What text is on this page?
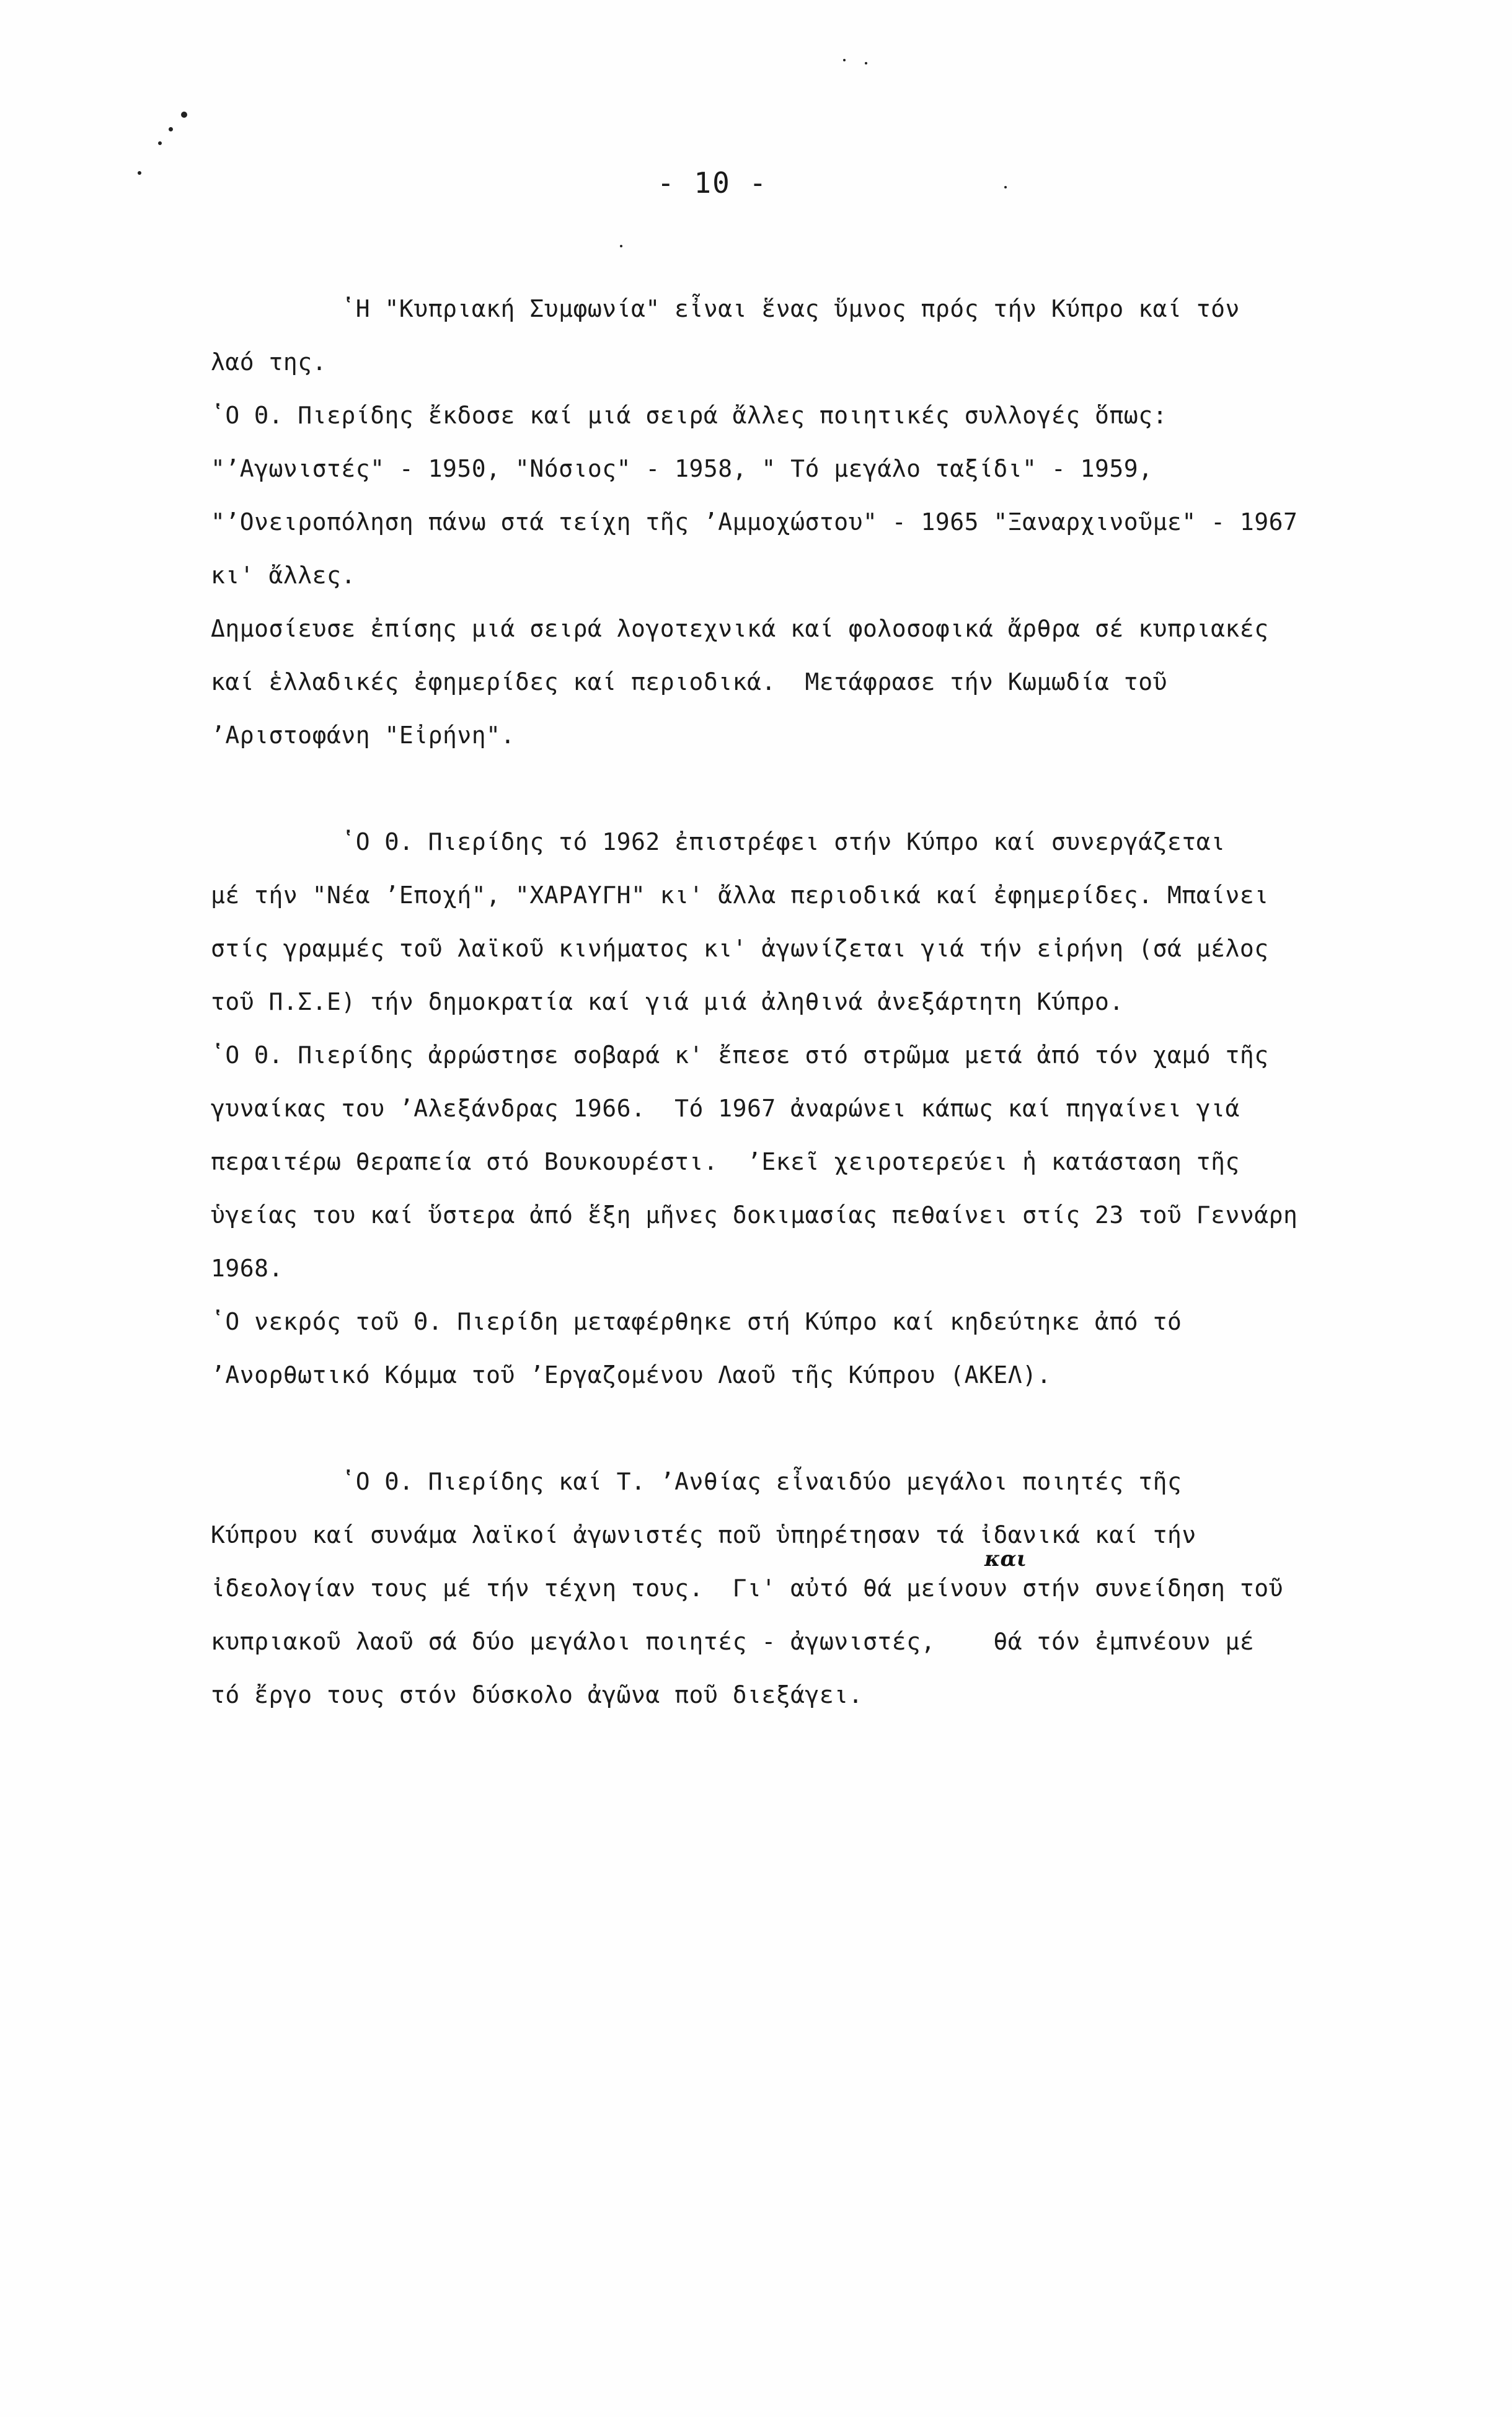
- 10 -
ʽΗ "Κυπριακή Συμφωνία" εἶναι ἕνας ὕμνος πρός τήν Κύπρο καί τόν
λαό της.
ʽΟ Θ. Πιερίδης ἔκδοσε καί μιά σειρά ἄλλες ποιητικές συλλογές ὅπως:
"ʼΑγωνιστές" - 1950, "Νόσιος" - 1958, " Τό μεγάλο ταξίδι" - 1959,
"ʼΟνειροπόληση πάνω στά τείχη τῆς ʼΑμμοχώστου" - 1965 "Ξαναρχινοῦμε" - 1967
κι' ἄλλες.
Δημοσίευσε ἐπίσης μιά σειρά λογοτεχνικά καί φολοσοφικά ἄρθρα σέ κυπριακές
καί ἑλλαδικές ἐφημερίδες καί περιοδικά.  Μετάφρασε τήν Κωμωδία τοῦ
ʼΑριστοφάνη "Εἰρήνη".
ʽΟ Θ. Πιερίδης τό 1962 ἐπιστρέφει στήν Κύπρο καί συνεργάζεται
μέ τήν "Νέα ʼΕποχή", "ΧΑΡΑΥΓΗ" κι' ἄλλα περιοδικά καί ἐφημερίδες. Μπαίνει
στίς γραμμές τοῦ λαϊκοῦ κινήματος κι' ἀγωνίζεται γιά τήν εἰρήνη (σά μέλος
τοῦ Π.Σ.Ε) τήν δημοκρατία καί γιά μιά ἀληθινά ἀνεξάρτητη Κύπρο.
ʽΟ Θ. Πιερίδης ἀρρώστησε σοβαρά κ' ἔπεσε στό στρῶμα μετά ἀπό τόν χαμό τῆς
γυναίκας του ʼΑλεξάνδρας 1966.  Τό 1967 ἀναρώνει κάπως καί πηγαίνει γιά
περαιτέρω θεραπεία στό Βουκουρέστι.  ʼΕκεῖ χειροτερεύει ἡ κατάσταση τῆς
ὑγείας του καί ὕστερα ἀπό ἕξη μῆνες δοκιμασίας πεθαίνει στίς 23 τοῦ Γεννάρη
1968.
ʽΟ νεκρός τοῦ Θ. Πιερίδη μεταφέρθηκε στή Κύπρο καί κηδεύτηκε ἀπό τό
ʼΑνορθωτικό Κόμμα τοῦ ʼΕργαζομένου Λαοῦ τῆς Κύπρου (ΑΚΕΛ).
ʽΟ Θ. Πιερίδης καί Τ. ʼΑνθίας εἶναιδύο μεγάλοι ποιητές τῆς
Κύπρου καί συνάμα λαϊκοί ἀγωνιστές ποῦ ὑπηρέτησαν τά ἰδανικά καί τήν
ἰδεολογίαν τους μέ τήν τέχνη τους.  Γι' αὐτό θά μείνουν στήν συνείδηση τοῦ
κυπριακοῦ λαοῦ σά δύο μεγάλοι ποιητές - ἀγωνιστές,    θά τόν ἐμπνέουν μέ
τό ἔργο τους στόν δύσκολο ἀγῶνα ποῦ διεξάγει.
και
